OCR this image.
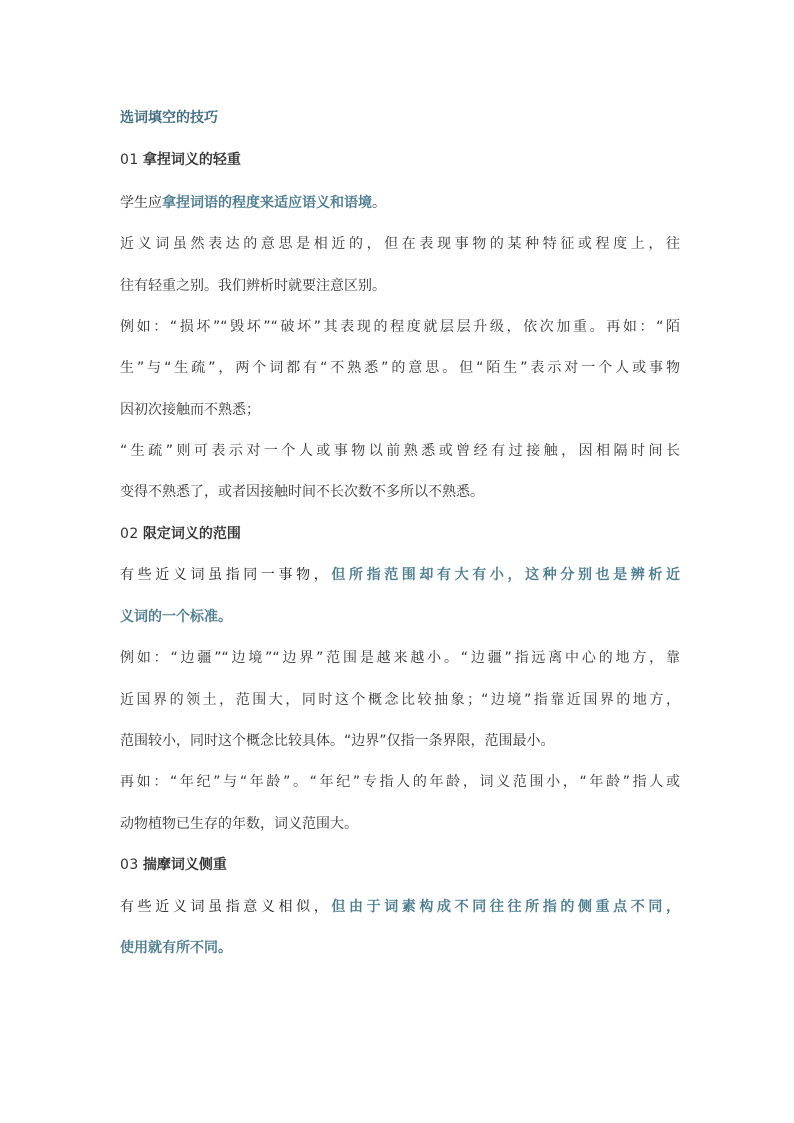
选词填空的技巧
01 拿捏词义的轻重
学生应拿捏词语的程度来适应语义和语境。
近义词虽然表达的意思是相近的，但在表现事物的某种特征或程度上，往
往有轻重之别。我们辨析时就要注意区别。
例如：“损坏”“毁坏”“破坏”其表现的程度就层层升级，依次加重。再如：“陌
生”与“生疏”，两个词都有“不熟悉”的意思。但“陌生”表示对一个人或事物
因初次接触而不熟悉；
“生疏”则可表示对一个人或事物以前熟悉或曾经有过接触，因相隔时间长
变得不熟悉了，或者因接触时间不长次数不多所以不熟悉。
02 限定词义的范围
有些近义词虽指同一事物，但所指范围却有大有小，这种分别也是辨析近
义词的一个标准。
例如：“边疆”“边境”“边界”范围是越来越小。“边疆”指远离中心的地方，靠
近国界的领土，范围大，同时这个概念比较抽象；“边境”指靠近国界的地方，
范围较小，同时这个概念比较具体。“边界”仅指一条界限，范围最小。
再如：“年纪”与“年龄”。“年纪”专指人的年龄，词义范围小，“年龄”指人或
动物植物已生存的年数，词义范围大。
03 揣摩词义侧重
有些近义词虽指意义相似，但由于词素构成不同往往所指的侧重点不同，
使用就有所不同。
